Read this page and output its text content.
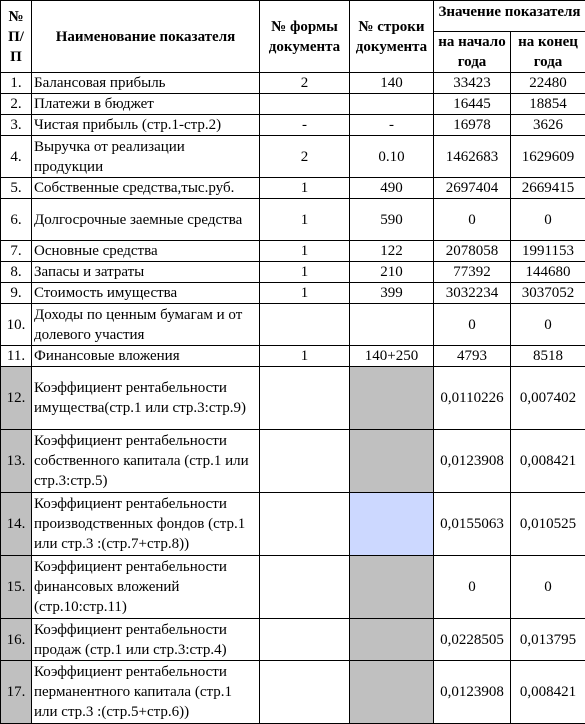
№ П/ П	Наименование показателя	№ формы документа	№ строки документа	Значение показателя	

				на начало года	на конец года
1.	Балансовая прибыль	2	140	33423	22480
2.	Платежи в бюджет			16445	18854
3.	Чистая прибыль (стр.1-стр.2)	-	-	16978	3626
4.	Выручка от реализации продукции	2	0.10	1462683	1629609
5.	Собственные средства,тыс.руб.	1	490	2697404	2669415
6.	Долгосрочные заемные средства	1	590	0	0
7.	Основные средства	1	122	2078058	1991153
8.	Запасы и затраты	1	210	77392	144680
9.	Стоимость имущества	1	399	3032234	3037052
10.	Доходы по ценным бумагам и от долевого участия			0	0
11.	Финансовые вложения	1	140+250	4793	8518
12.	Коэффициент рентабельности имущества(стр.1 или стр.3:стр.9)			0,0110226	0,007402
13.	Коэффициент рентабельности собственного капитала (стр.1 или стр.3:стр.5)			0,0123908	0,008421
14.	Коэффициент рентабельности производственных фондов (стр.1 или стр.3 :(стр.7+стр.8))			0,0155063	0,010525
15.	Коэффициент рентабельности финансовых вложений (стр.10:стр.11)			0	0
16.	Коэффициент рентабельности продаж (стр.1 или стр.3:стр.4)			0,0228505	0,013795
17.	Коэффициент рентабельности перманентного капитала (стр.1 или стр.3 :(стр.5+стр.6))			0,0123908	0,008421
